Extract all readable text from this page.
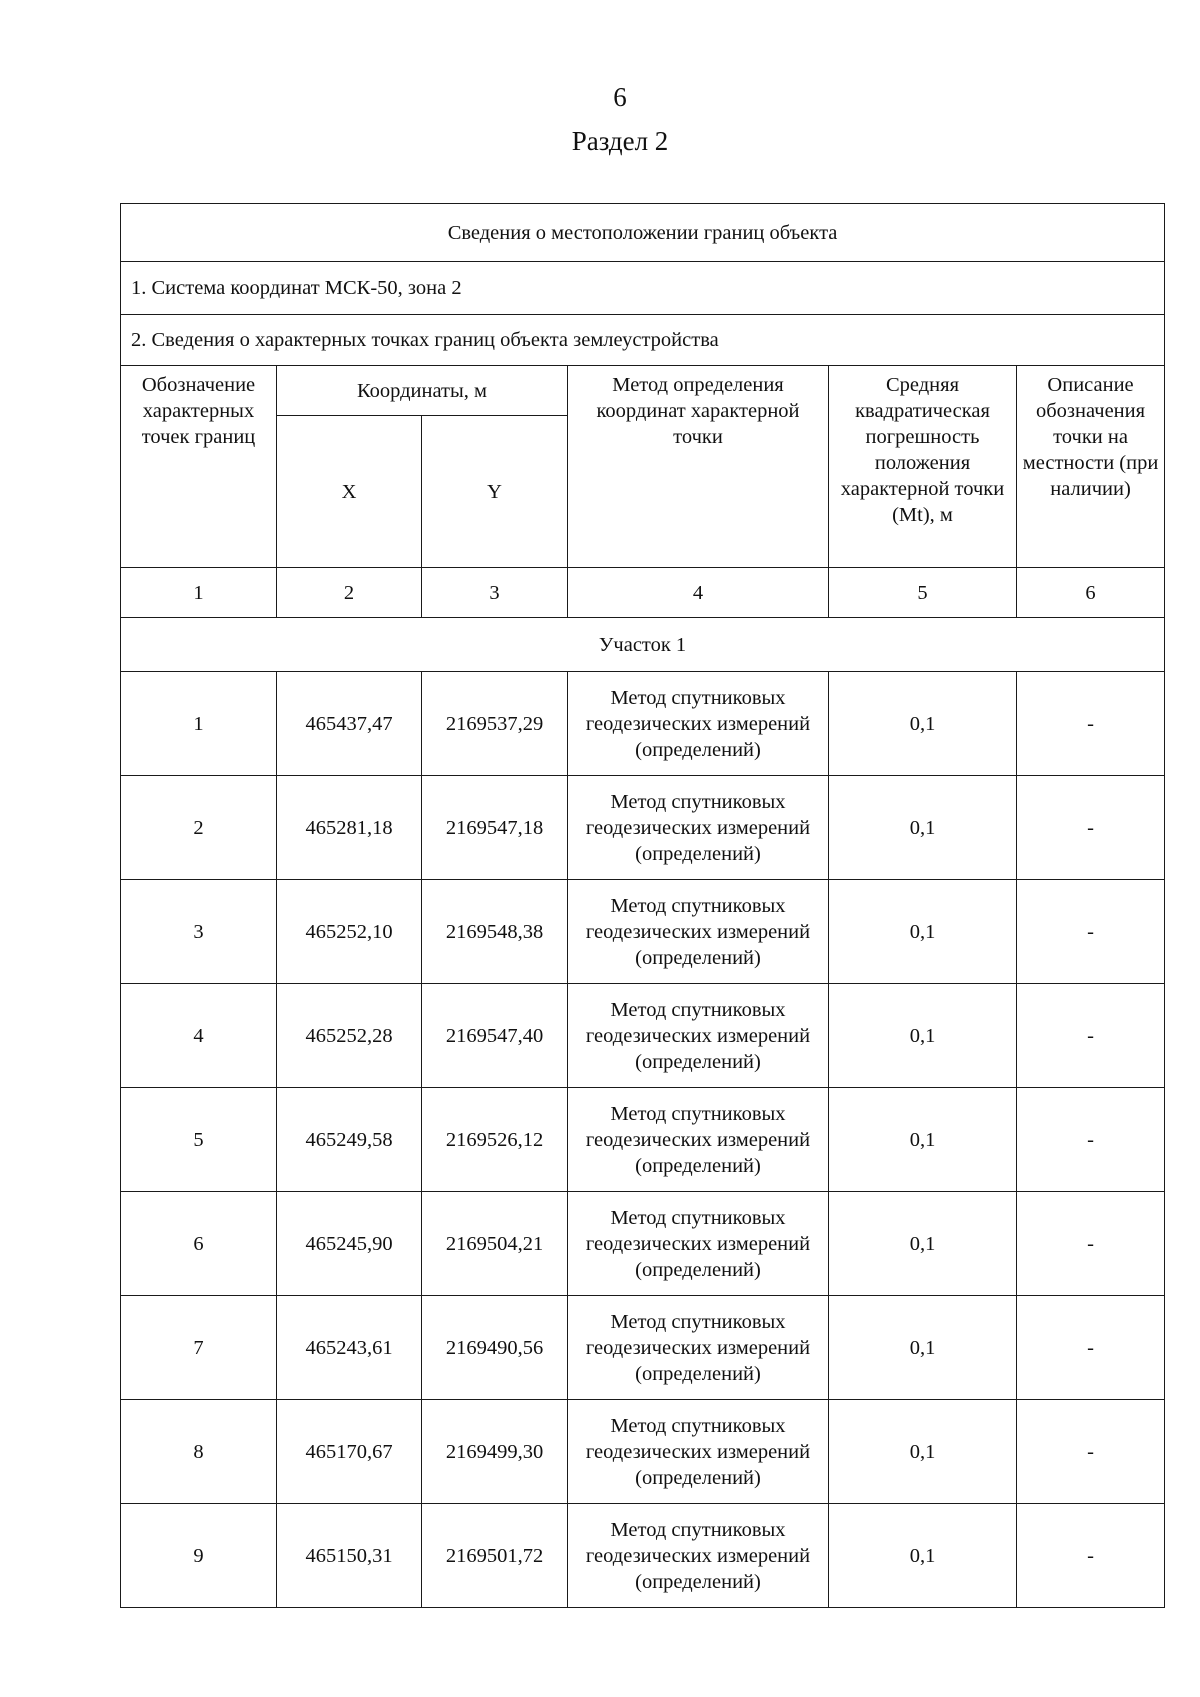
6
Раздел 2
Сведения о местоположении границ объекта					
1. Система координат МСК-50, зона 2					
2. Сведения о характерных точках границ объекта землеустройства					
Обозначение характерных точек границ	Координаты, м		Метод определения координат характерной точки	Средняя квадратическая погрешность положения характерной точки (Mt), м	Описание обозначения точки на местности (при наличии)
	X	Y			
1	2	3	4	5	6
Участок 1					
1	465437,47	2169537,29	Метод спутниковых
геодезических измерений
(определений)	0,1	-
2	465281,18	2169547,18	Метод спутниковых
геодезических измерений
(определений)	0,1	-
3	465252,10	2169548,38	Метод спутниковых
геодезических измерений
(определений)	0,1	-
4	465252,28	2169547,40	Метод спутниковых
геодезических измерений
(определений)	0,1	-
5	465249,58	2169526,12	Метод спутниковых
геодезических измерений
(определений)	0,1	-
6	465245,90	2169504,21	Метод спутниковых
геодезических измерений
(определений)	0,1	-
7	465243,61	2169490,56	Метод спутниковых
геодезических измерений
(определений)	0,1	-
8	465170,67	2169499,30	Метод спутниковых
геодезических измерений
(определений)	0,1	-
9	465150,31	2169501,72	Метод спутниковых
геодезических измерений
(определений)	0,1	-
